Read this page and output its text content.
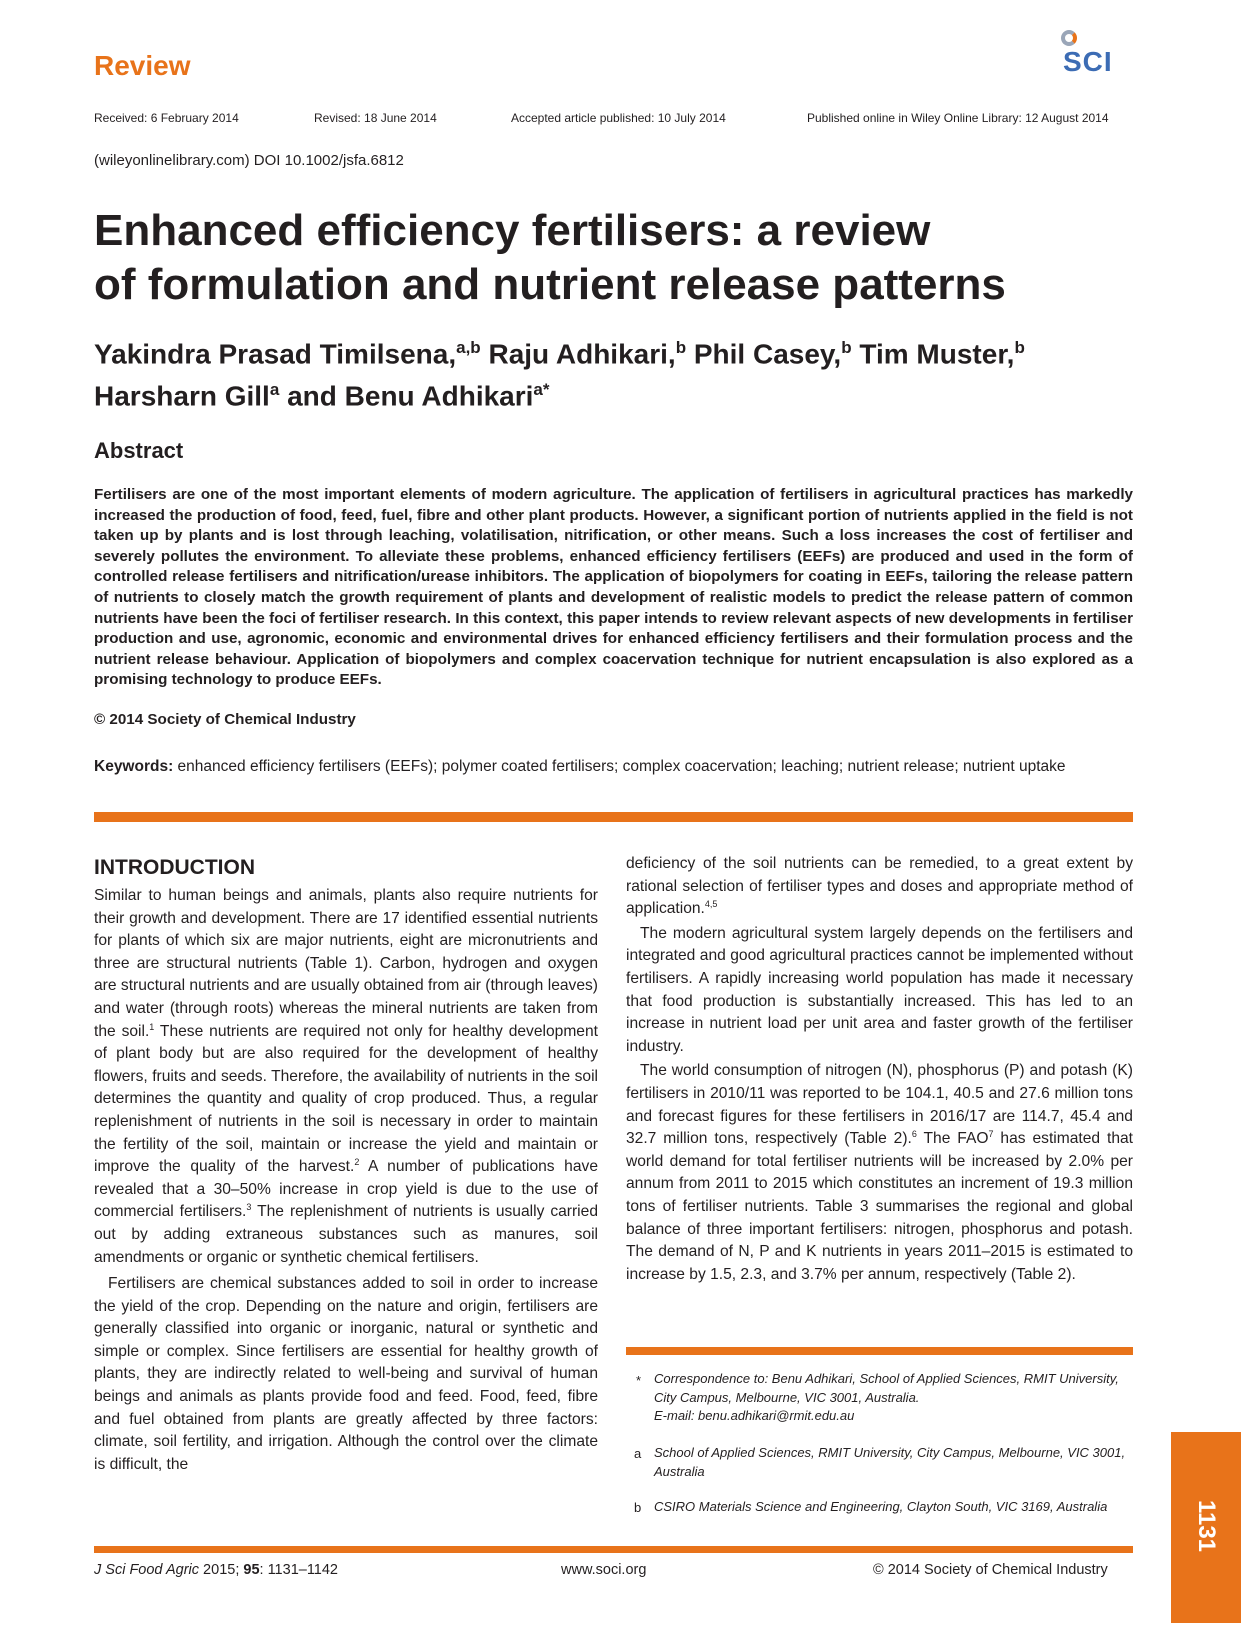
Review	SCI
Received: 6 February 2014	Revised: 18 June 2014	Accepted article published: 10 July 2014	Published online in Wiley Online Library: 12 August 2014
(wileyonlinelibrary.com) DOI 10.1002/jsfa.6812
Enhanced efficiency fertilisers: a review
of formulation and nutrient release patterns
Yakindra Prasad Timilsena,$^{a,b}$ Raju Adhikari,$^b$ Phil Casey,$^b$ Tim Muster,$^b$
Harsharn Gill$^a$ and Benu Adhikari$^{a*}$
Abstract

Fertilisers are one of the most important elements of modern agriculture. The application of fertilisers in agricultural practices has markedly increased the production of food, feed, fuel, fibre and other plant products. However, a significant portion of nutrients applied in the field is not taken up by plants and is lost through leaching, volatilisation, nitrification, or other means. Such a loss increases the cost of fertiliser and severely pollutes the environment. To alleviate these problems, enhanced efficiency fertilisers (EEFs) are produced and used in the form of controlled release fertilisers and nitrification/urease inhibitors. The application of biopolymers for coating in EEFs, tailoring the release pattern of nutrients to closely match the growth requirement of plants and development of realistic models to predict the release pattern of common nutrients have been the foci of fertiliser research. In this context, this paper intends to review relevant aspects of new developments in fertiliser production and use, agronomic, economic and environmental drives for enhanced efficiency fertilisers and their formulation process and the nutrient release behaviour. Application of biopolymers and complex coacervation technique for nutrient encapsulation is also explored as a promising technology to produce EEFs.

© 2014 Society of Chemical Industry
Keywords: enhanced efficiency fertilisers (EEFs); polymer coated fertilisers; complex coacervation; leaching; nutrient release; nutrient uptake
INTRODUCTION

Similar to human beings and animals, plants also require nutrients for their growth and development. There are 17 identified essential nutrients for plants of which six are major nutrients, eight are micronutrients and three are structural nutrients (Table 1). Carbon, hydrogen and oxygen are structural nutrients and are usually obtained from air (through leaves) and water (through roots) whereas the mineral nutrients are taken from the soil.$^1$ These nutrients are required not only for healthy development of plant body but are also required for the development of healthy flowers, fruits and seeds. Therefore, the availability of nutrients in the soil determines the quantity and quality of crop produced. Thus, a regular replenishment of nutrients in the soil is necessary in order to maintain the fertility of the soil, maintain or increase the yield and maintain or improve the quality of the harvest.$^2$ A number of publications have revealed that a 30–50% increase in crop yield is due to the use of commercial fertilisers.$^3$ The replenishment of nutrients is usually carried out by adding extraneous substances such as manures, soil amendments or organic or synthetic chemical fertilisers.

Fertilisers are chemical substances added to soil in order to increase the yield of the crop. Depending on the nature and origin, fertilisers are generally classified into organic or inorganic, natural or synthetic and simple or complex. Since fertilisers are essential for healthy growth of plants, they are indirectly related to well-being and survival of human beings and animals as plants provide food and feed. Food, feed, fibre and fuel obtained from plants are greatly affected by three factors: climate, soil fertility, and irrigation. Although the control over the climate is difficult, the

deficiency of the soil nutrients can be remedied, to a great extent by rational selection of fertiliser types and doses and appropriate method of application.$^{4,5}$

The modern agricultural system largely depends on the fertilisers and integrated and good agricultural practices cannot be implemented without fertilisers. A rapidly increasing world population has made it necessary that food production is substantially increased. This has led to an increase in nutrient load per unit area and faster growth of the fertiliser industry.

The world consumption of nitrogen (N), phosphorus (P) and potash (K) fertilisers in 2010/11 was reported to be 104.1, 40.5 and 27.6 million tons and forecast figures for these fertilisers in 2016/17 are 114.7, 45.4 and 32.7 million tons, respectively (Table 2).$^6$ The FAO$^7$ has estimated that world demand for total fertiliser nutrients will be increased by 2.0% per annum from 2011 to 2015 which constitutes an increment of 19.3 million tons of fertiliser nutrients. Table 3 summarises the regional and global balance of three important fertilisers: nitrogen, phosphorus and potash. The demand of N, P and K nutrients in years 2011–2015 is estimated to increase by 1.5, 2.3, and 3.7% per annum, respectively (Table 2).

* Correspondence to: Benu Adhikari, School of Applied Sciences, RMIT University,
City Campus, Melbourne, VIC 3001, Australia.
E-mail: benu.adhikari@rmit.edu.au
a School of Applied Sciences, RMIT University, City Campus, Melbourne, VIC 3001,
Australia
b CSIRO Materials Science and Engineering, Clayton South, VIC 3169, Australia
J Sci Food Agric 2015; 95: 1131–1142	www.soci.org	© 2014 Society of Chemical Industry
1131
